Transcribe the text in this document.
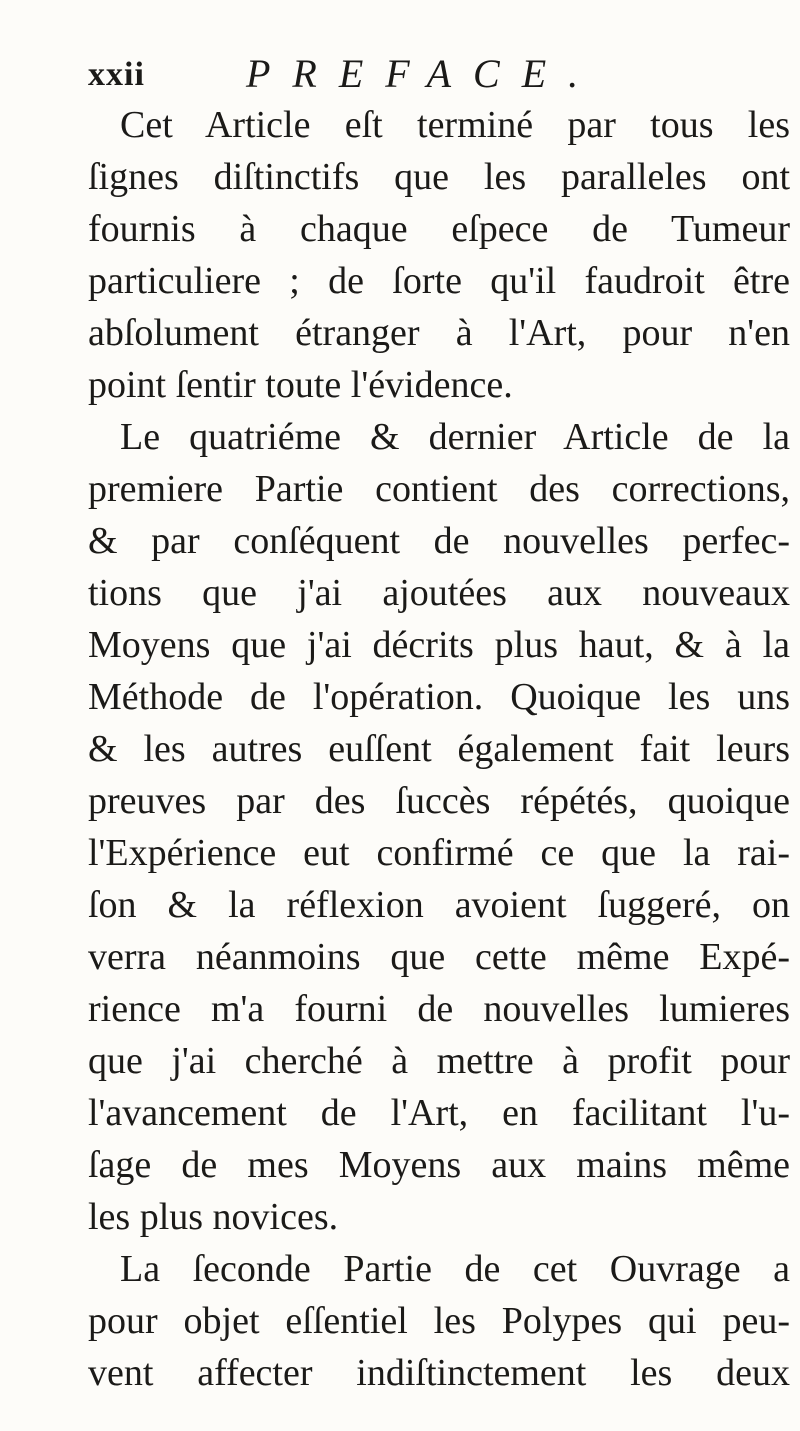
xxii	PREFACE.
Cet Article eſt terminé par tous les
ſignes diſtinctifs que les paralleles ont
fournis à chaque eſpece de Tumeur
particuliere ; de ſorte qu'il faudroit être
abſolument étranger à l'Art, pour n'en
point ſentir toute l'évidence.
Le quatriéme & dernier Article de la
premiere Partie contient des corrections,
& par conſéquent de nouvelles perfec-
tions que j'ai ajoutées aux nouveaux
Moyens que j'ai décrits plus haut, & à la
Méthode de l'opération. Quoique les uns
& les autres euſſent également fait leurs
preuves par des ſuccès répétés, quoique
l'Expérience eut confirmé ce que la rai-
ſon & la réflexion avoient ſuggeré, on
verra néanmoins que cette même Expé-
rience m'a fourni de nouvelles lumieres
que j'ai cherché à mettre à profit pour
l'avancement de l'Art, en facilitant l'u-
ſage de mes Moyens aux mains même
les plus novices.
La ſeconde Partie de cet Ouvrage a
pour objet eſſentiel les Polypes qui peu-
vent affecter indiſtinctement les deux
